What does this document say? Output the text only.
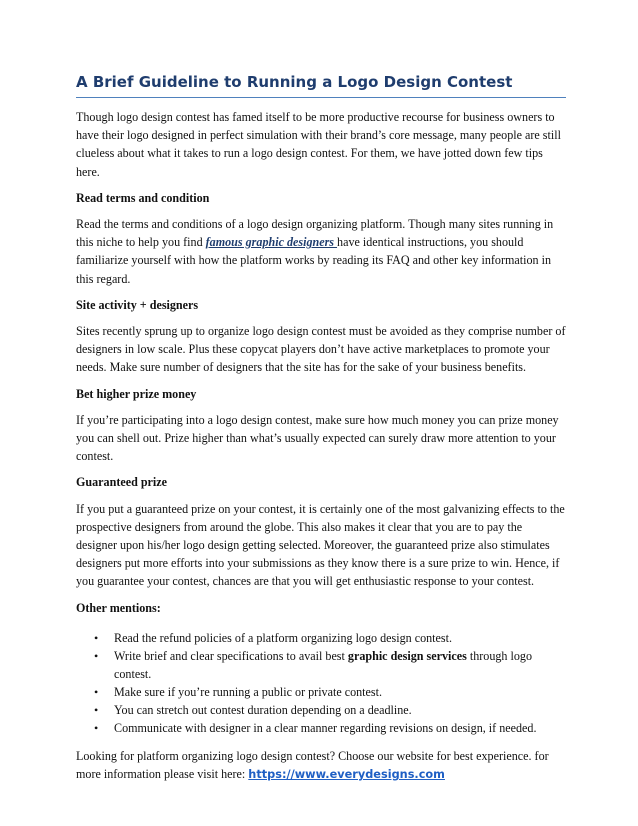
A Brief Guideline to Running a Logo Design Contest

Though logo design contest has famed itself to be more productive recourse for business owners to have their logo designed in perfect simulation with their brand’s core message, many people are still clueless about what it takes to run a logo design contest. For them, we have jotted down few tips here.

Read terms and condition

Read the terms and conditions of a logo design organizing platform. Though many sites running in this niche to help you find famous graphic designers have identical instructions, you should familiarize yourself with how the platform works by reading its FAQ and other key information in this regard.

Site activity + designers

Sites recently sprung up to organize logo design contest must be avoided as they comprise number of designers in low scale. Plus these copycat players don’t have active marketplaces to promote your needs. Make sure number of designers that the site has for the sake of your business benefits.

Bet higher prize money

If you’re participating into a logo design contest, make sure how much money you can prize money you can shell out. Prize higher than what’s usually expected can surely draw more attention to your contest.

Guaranteed prize

If you put a guaranteed prize on your contest, it is certainly one of the most galvanizing effects to the prospective designers from around the globe. This also makes it clear that you are to pay the designer upon his/her logo design getting selected. Moreover, the guaranteed prize also stimulates designers put more efforts into your submissions as they know there is a sure prize to win. Hence, if you guarantee your contest, chances are that you will get enthusiastic response to your contest.

Other mentions:

• Read the refund policies of a platform organizing logo design contest.
• Write brief and clear specifications to avail best graphic design services through logo contest.
• Make sure if you’re running a public or private contest.
• You can stretch out contest duration depending on a deadline.
• Communicate with designer in a clear manner regarding revisions on design, if needed.

Looking for platform organizing logo design contest? Choose our website for best experience. for more information please visit here: https://www.everydesigns.com
